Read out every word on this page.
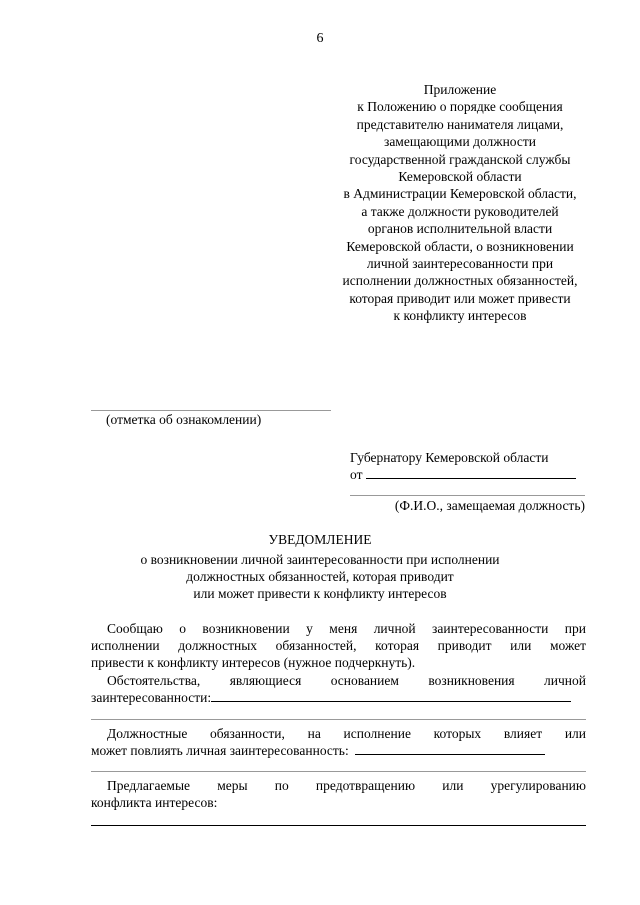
6
Приложение
к Положению о порядке сообщения
представителю нанимателя лицами,
замещающими должности
государственной гражданской службы
Кемеровской области
в Администрации Кемеровской области,
а также должности руководителей
органов исполнительной власти
Кемеровской области, о возникновении
личной заинтересованности при
исполнении должностных обязанностей,
которая приводит или может привести
к конфликту интересов
(отметка об ознакомлении)
Губернатору Кемеровской области
от
(Ф.И.О., замещаемая должность)
УВЕДОМЛЕНИЕ
о возникновении личной заинтересованности при исполнении
должностных обязанностей, которая приводит
или может привести к конфликту интересов
Сообщаю о возникновении у меня личной заинтересованности при
исполнении должностных обязанностей, которая приводит или может
привести к конфликту интересов (нужное подчеркнуть).
Обстоятельства, являющиеся основанием возникновения личной
заинтересованности:
Должностные обязанности, на исполнение которых влияет или
может повлиять личная заинтересованность:
Предлагаемые меры по предотвращению или урегулированию
конфликта интересов:
